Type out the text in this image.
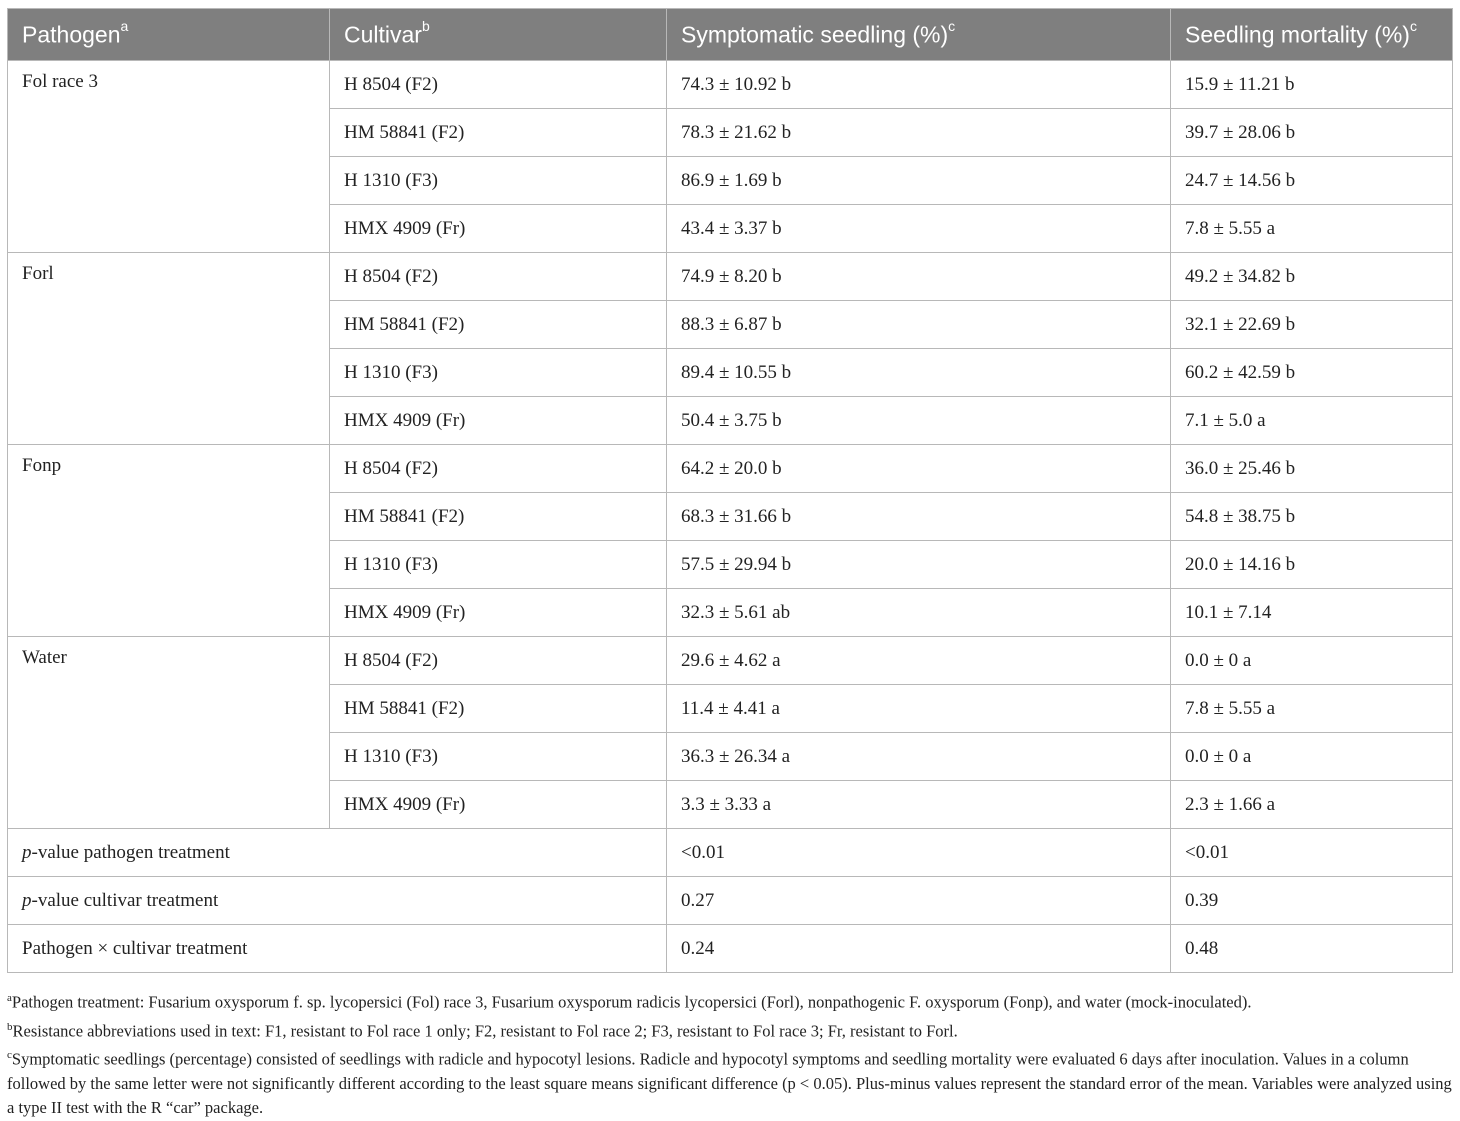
Pathogen$^a$	Cultivar$^b$	Symptomatic seedling (%)$^c$	Seedling mortality (%)$^c$
Fol race 3	H 8504 (F2)	74.3 ± 10.92 b	15.9 ± 11.21 b
	HM 58841 (F2)	78.3 ± 21.62 b	39.7 ± 28.06 b
	H 1310 (F3)	86.9 ± 1.69 b	24.7 ± 14.56 b
	HMX 4909 (Fr)	43.4 ± 3.37 b	7.8 ± 5.55 a
Forl	H 8504 (F2)	74.9 ± 8.20 b	49.2 ± 34.82 b
	HM 58841 (F2)	88.3 ± 6.87 b	32.1 ± 22.69 b
	H 1310 (F3)	89.4 ± 10.55 b	60.2 ± 42.59 b
	HMX 4909 (Fr)	50.4 ± 3.75 b	7.1 ± 5.0 a
Fonp	H 8504 (F2)	64.2 ± 20.0 b	36.0 ± 25.46 b
	HM 58841 (F2)	68.3 ± 31.66 b	54.8 ± 38.75 b
	H 1310 (F3)	57.5 ± 29.94 b	20.0 ± 14.16 b
	HMX 4909 (Fr)	32.3 ± 5.61 ab	10.1 ± 7.14
Water	H 8504 (F2)	29.6 ± 4.62 a	0.0 ± 0 a
	HM 58841 (F2)	11.4 ± 4.41 a	7.8 ± 5.55 a
	H 1310 (F3)	36.3 ± 26.34 a	0.0 ± 0 a
	HMX 4909 (Fr)	3.3 ± 3.33 a	2.3 ± 1.66 a
p-value pathogen treatment		<0.01	<0.01
p-value cultivar treatment		0.27	0.39
Pathogen × cultivar treatment		0.24	0.48

$^a$Pathogen treatment: Fusarium oxysporum f. sp. lycopersici (Fol) race 3, Fusarium oxysporum radicis lycopersici (Forl), nonpathogenic F. oxysporum (Fonp), and water (mock-inoculated).

$^b$Resistance abbreviations used in text: F1, resistant to Fol race 1 only; F2, resistant to Fol race 2; F3, resistant to Fol race 3; Fr, resistant to Forl.

$^c$Symptomatic seedlings (percentage) consisted of seedlings with radicle and hypocotyl lesions. Radicle and hypocotyl symptoms and seedling mortality were evaluated 6 days after inoculation. Values in a column followed by the same letter were not significantly different according to the least square means significant difference (p < 0.05). Plus-minus values represent the standard error of the mean. Variables were analyzed using a type II test with the R “car” package.
